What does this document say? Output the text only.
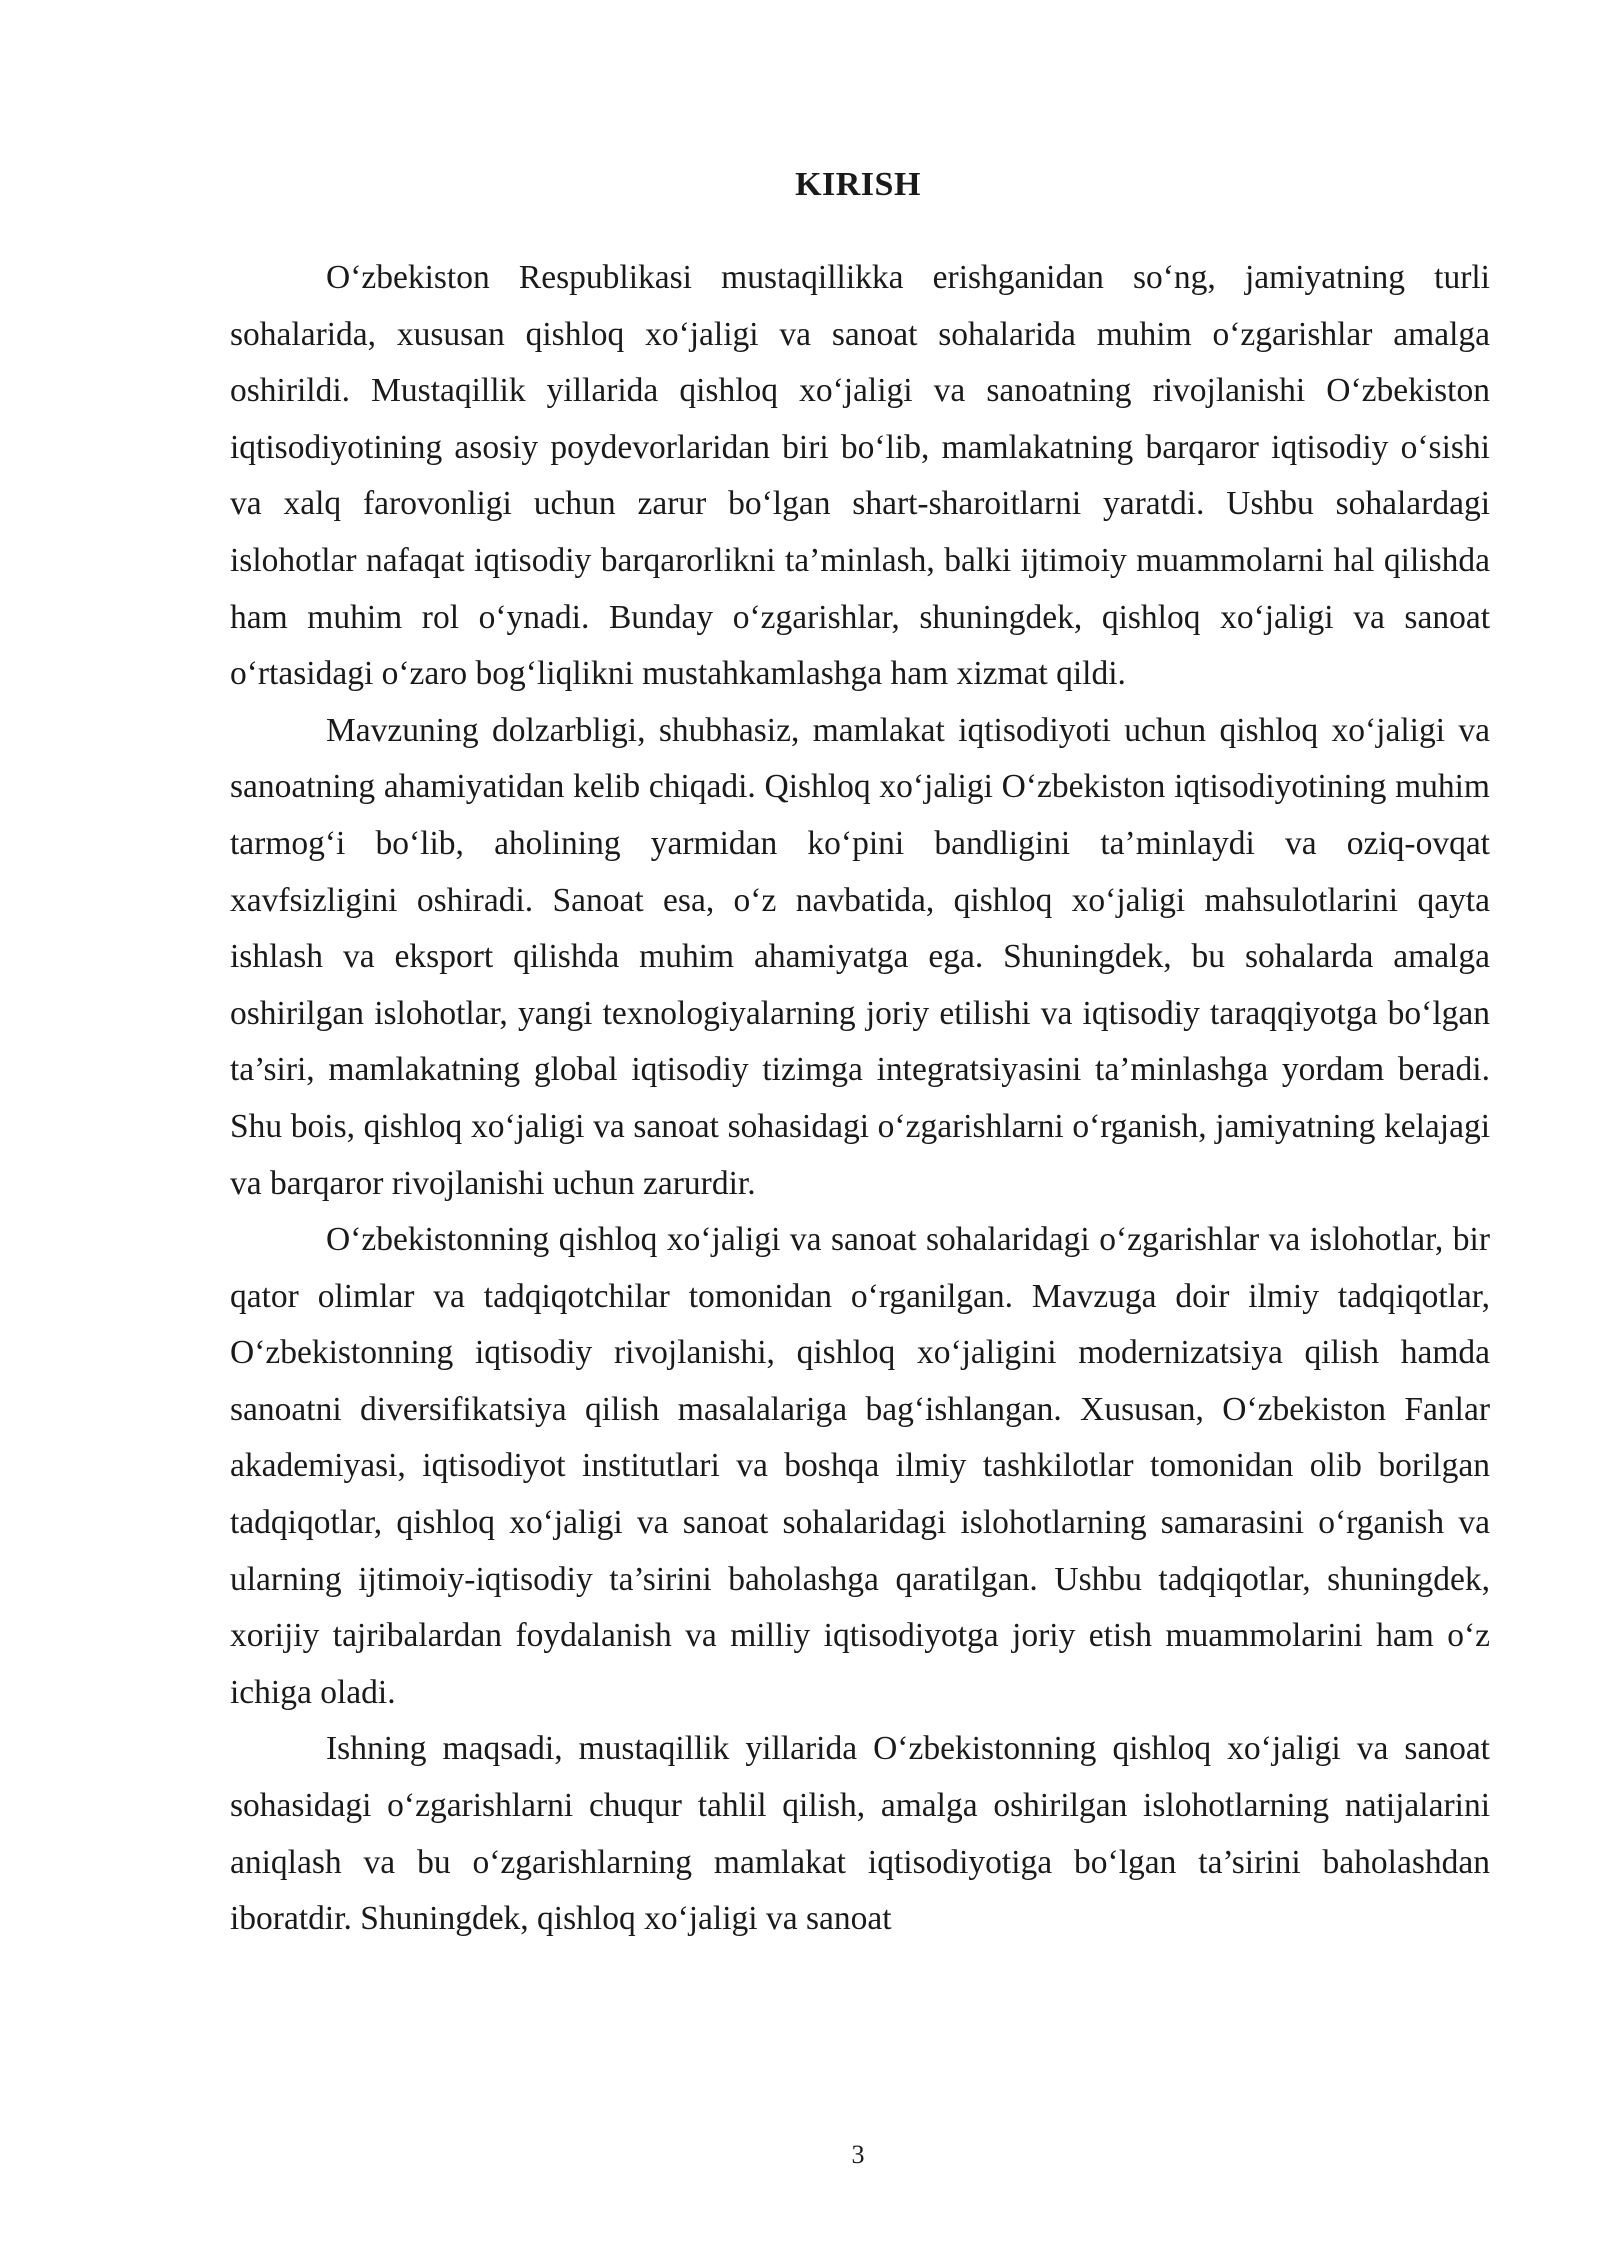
KIRISH

O‘zbekiston Respublikasi mustaqillikka erishganidan so‘ng, jamiyatning turli sohalarida, xususan qishloq xo‘jaligi va sanoat sohalarida muhim o‘zgarishlar amalga oshirildi. Mustaqillik yillarida qishloq xo‘jaligi va sanoatning rivojlanishi O‘zbekiston iqtisodiyotining asosiy poydevorlaridan biri bo‘lib, mamlakatning barqaror iqtisodiy o‘sishi va xalq farovonligi uchun zarur bo‘lgan shart-sharoitlarni yaratdi. Ushbu sohalardagi islohotlar nafaqat iqtisodiy barqarorlikni ta’minlash, balki ijtimoiy muammolarni hal qilishda ham muhim rol o‘ynadi. Bunday o‘zgarishlar, shuningdek, qishloq xo‘jaligi va sanoat o‘rtasidagi o‘zaro bog‘liqlikni mustahkamlashga ham xizmat qildi.

Mavzuning dolzarbligi, shubhasiz, mamlakat iqtisodiyoti uchun qishloq xo‘jaligi va sanoatning ahamiyatidan kelib chiqadi. Qishloq xo‘jaligi O‘zbekiston iqtisodiyotining muhim tarmog‘i bo‘lib, aholining yarmidan ko‘pini bandligini ta’minlaydi va oziq-ovqat xavfsizligini oshiradi. Sanoat esa, o‘z navbatida, qishloq xo‘jaligi mahsulotlarini qayta ishlash va eksport qilishda muhim ahamiyatga ega. Shuningdek, bu sohalarda amalga oshirilgan islohotlar, yangi texnologiyalarning joriy etilishi va iqtisodiy taraqqiyotga bo‘lgan ta’siri, mamlakatning global iqtisodiy tizimga integratsiyasini ta’minlashga yordam beradi. Shu bois, qishloq xo‘jaligi va sanoat sohasidagi o‘zgarishlarni o‘rganish, jamiyatning kelajagi va barqaror rivojlanishi uchun zarurdir.

O‘zbekistonning qishloq xo‘jaligi va sanoat sohalaridagi o‘zgarishlar va islohotlar, bir qator olimlar va tadqiqotchilar tomonidan o‘rganilgan. Mavzuga doir ilmiy tadqiqotlar, O‘zbekistonning iqtisodiy rivojlanishi, qishloq xo‘jaligini modernizatsiya qilish hamda sanoatni diversifikatsiya qilish masalalariga bag‘ishlangan. Xususan, O‘zbekiston Fanlar akademiyasi, iqtisodiyot institutlari va boshqa ilmiy tashkilotlar tomonidan olib borilgan tadqiqotlar, qishloq xo‘jaligi va sanoat sohalaridagi islohotlarning samarasini o‘rganish va ularning ijtimoiy-iqtisodiy ta’sirini baholashga qaratilgan. Ushbu tadqiqotlar, shuningdek, xorijiy tajribalardan foydalanish va milliy iqtisodiyotga joriy etish muammolarini ham o‘z ichiga oladi.

Ishning maqsadi, mustaqillik yillarida O‘zbekistonning qishloq xo‘jaligi va sanoat sohasidagi o‘zgarishlarni chuqur tahlil qilish, amalga oshirilgan islohotlarning natijalarini aniqlash va bu o‘zgarishlarning mamlakat iqtisodiyotiga bo‘lgan ta’sirini baholashdan iboratdir. Shuningdek, qishloq xo‘jaligi va sanoat

3
